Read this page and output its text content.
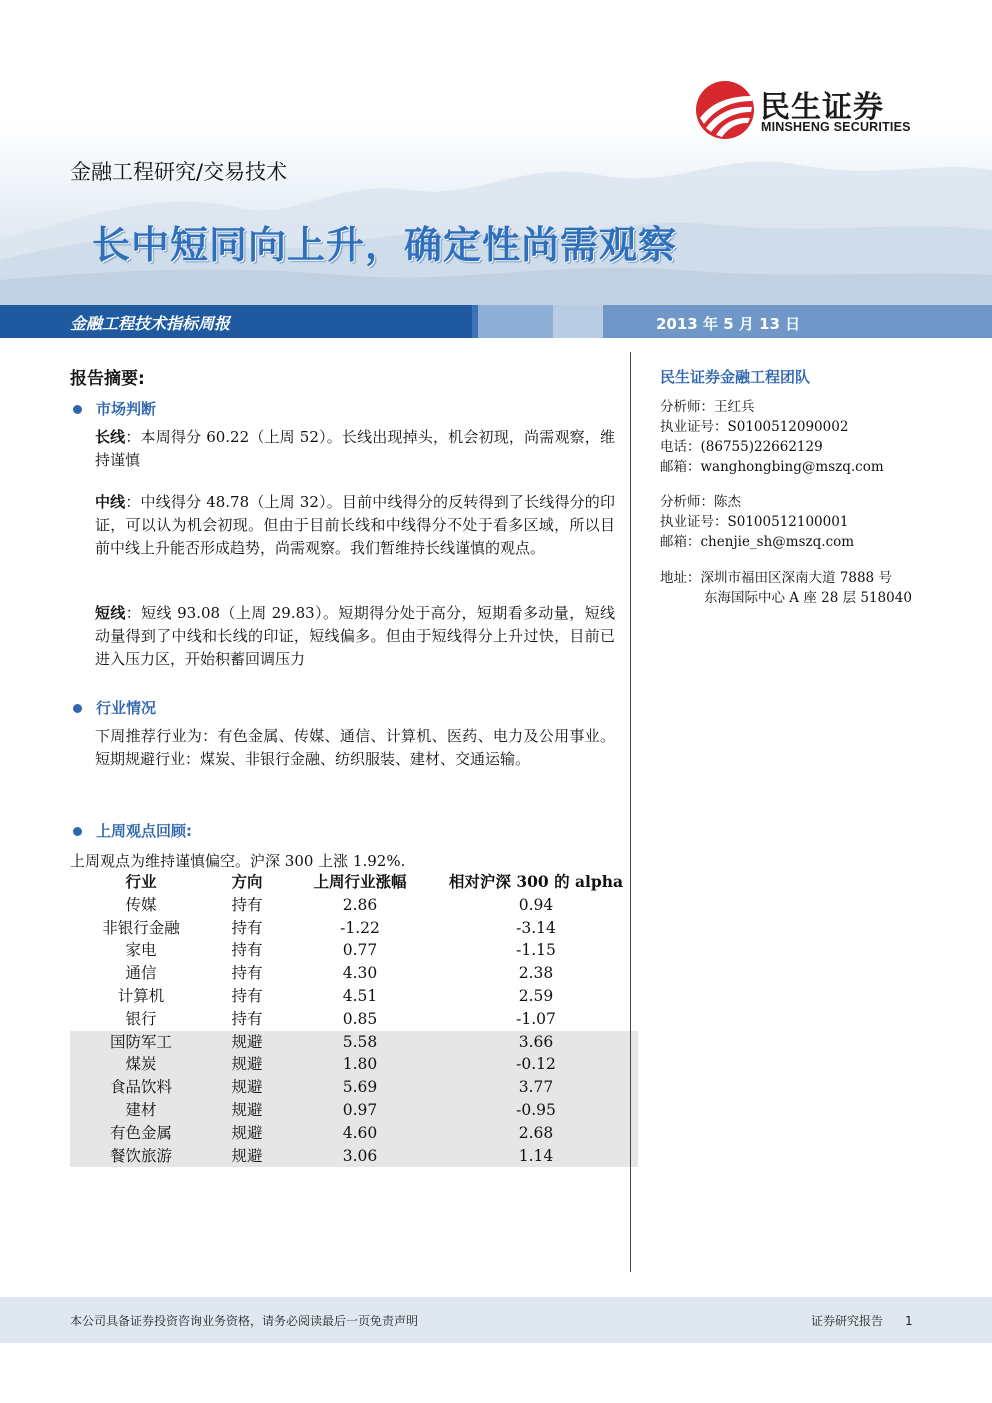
民生证券
MINSHENG SECURITIES
金融工程研究/交易技术
长中短同向上升，确定性尚需观察
金融工程技术指标周报	2013 年 5 月 13 日
报告摘要:
市场判断
长线：本周得分 60.22（上周 52）。长线出现掉头，机会初现，尚需观察，维持谨慎
中线：中线得分 48.78（上周 32）。目前中线得分的反转得到了长线得分的印证，可以认为机会初现。但由于目前长线和中线得分不处于看多区域，所以目前中线上升能否形成趋势，尚需观察。我们暂维持长线谨慎的观点。
短线：短线 93.08（上周 29.83）。短期得分处于高分，短期看多动量，短线动量得到了中线和长线的印证，短线偏多。但由于短线得分上升过快，目前已进入压力区，开始积蓄回调压力
行业情况
下周推荐行业为：有色金属、传媒、通信、计算机、医药、电力及公用事业。短期规避行业：煤炭、非银行金融、纺织服装、建材、交通运输。
上周观点回顾:
上周观点为维持谨慎偏空。沪深 300 上涨 1.92%.
行业	方向	上周行业涨幅	相对沪深 300 的 alpha
传媒	持有	2.86	0.94
非银行金融	持有	-1.22	-3.14
家电	持有	0.77	-1.15
通信	持有	4.30	2.38
计算机	持有	4.51	2.59
银行	持有	0.85	-1.07
国防军工	规避	5.58	3.66
煤炭	规避	1.80	-0.12
食品饮料	规避	5.69	3.77
建材	规避	0.97	-0.95
有色金属	规避	4.60	2.68
餐饮旅游	规避	3.06	1.14
民生证券金融工程团队
分析师：王红兵
执业证号：S0100512090002
电话：(86755)22662129
邮箱：wanghongbing@mszq.com
分析师：陈杰
执业证号：S0100512100001
邮箱：chenjie_sh@mszq.com
地址：深圳市福田区深南大道 7888 号
东海国际中心 A 座 28 层 518040
本公司具备证券投资咨询业务资格，请务必阅读最后一页免责声明	证券研究报告 1
